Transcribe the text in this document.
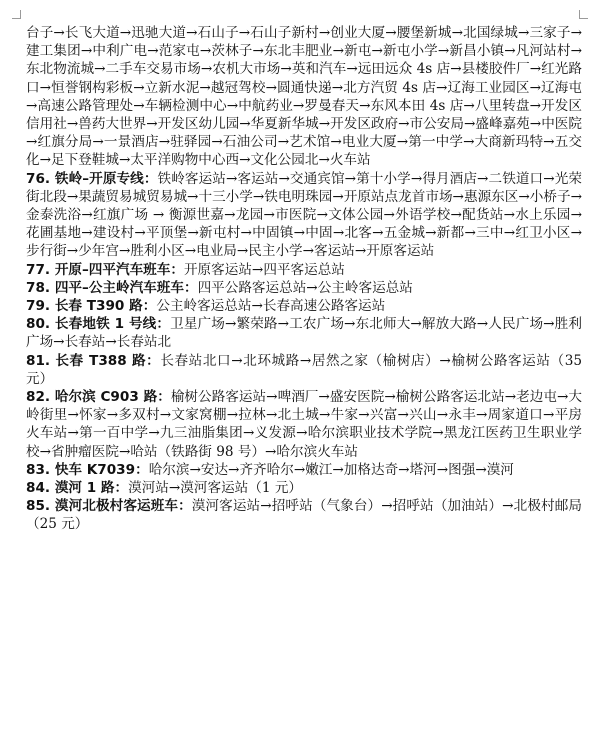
台子→长飞大道→迅驰大道→石山子→石山子新村→创业大厦→腰堡新城→北国绿城→三家子→建工集团→中利广电→范家屯→茨林子→东北丰肥业→新屯→新屯小学→新昌小镇→凡河站村→东北物流城→二手车交易市场→农机大市场→英和汽车→远田远众 4s 店→县楼胶件厂→红光路口→恒誉钢构彩板→立新水泥→越冠驾校→圆通快递→北方汽贸 4s 店→辽海工业园区→辽海屯→高速公路管理处→车辆检测中心→中航药业→罗曼春天→东风本田 4s 店→八里转盘→开发区信用社→兽药大世界→开发区幼儿园→华夏新华城→开发区政府→市公安局→盛峰嘉苑→中医院→红旗分局→一景酒店→驻驿园→石油公司→艺术馆→电业大厦→第一中学→大商新玛特→五交化→足下登鞋城→太平洋购物中心西→文化公园北→火车站

76. 铁岭–开原专线：铁岭客运站→客运站→交通宾馆→第十小学→得月酒店→二铁道口→光荣街北段→果蔬贸易城贸易城→十三小学→铁电明珠园→开原站点龙首市场→惠源东区→小桥子→金泰洗浴→红旗广场 → 衡源世嘉→龙园→市医院→文体公园→外语学校→配货站→水上乐园→花圃基地→建设村→平顶堡→新屯村→中固镇→中固→北客→五金城→新都→三中→红卫小区→步行街→少年宫→胜利小区→电业局→民主小学→客运站→开原客运站

77. 开原–四平汽车班车：开原客运站→四平客运总站

78. 四平–公主岭汽车班车：四平公路客运总站→公主岭客运总站

79. 长春 T390 路：公主岭客运总站→长春高速公路客运站

80. 长春地铁 1 号线：卫星广场→繁荣路→工农广场→东北师大→解放大路→人民广场→胜利广场→长春站→长春站北

81. 长春 T388 路：长春站北口→北环城路→居然之家（榆树店）→榆树公路客运站（35 元）

82. 哈尔滨 C903 路：榆树公路客运站→啤酒厂→盛安医院→榆树公路客运北站→老边屯→大岭街里→怀家→多双村→文家窝棚→拉林→北土城→牛家→兴富→兴山→永丰→周家道口→平房火车站→第一百中学→九三油脂集团→义发源→哈尔滨职业技术学院→黑龙江医药卫生职业学校→省肿瘤医院→哈站（铁路街 98 号）→哈尔滨火车站

83. 快车 K7039：哈尔滨→安达→齐齐哈尔→嫩江→加格达奇→塔河→图强→漠河

84. 漠河 1 路：漠河站→漠河客运站（1 元）

85. 漠河北极村客运班车：漠河客运站→招呼站（气象台）→招呼站（加油站）→北极村邮局（25 元）
